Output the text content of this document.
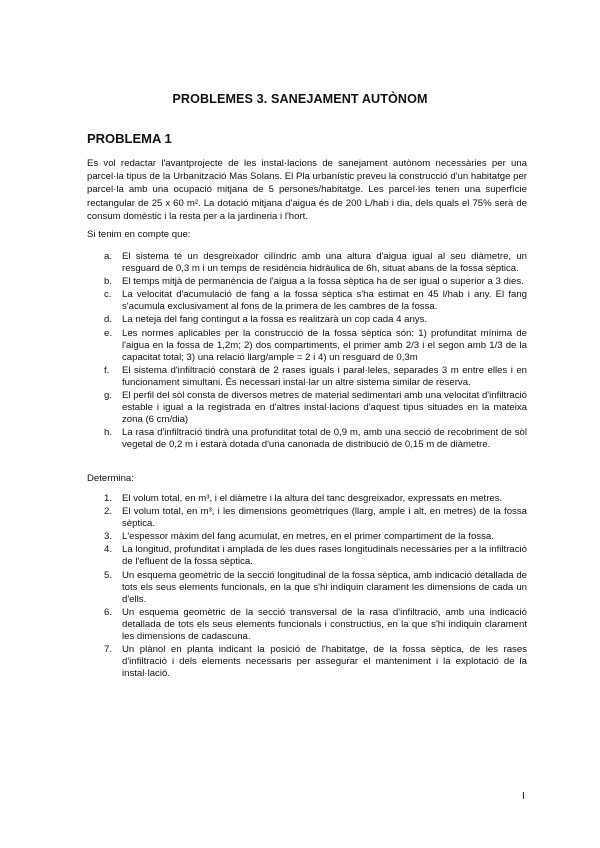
PROBLEMES 3. SANEJAMENT AUTÒNOM
PROBLEMA 1

Es vol redactar l'avantprojecte de les instal·lacions de sanejament autònom necessàries per una parcel·la tipus de la Urbanització Mas Solans. El Pla urbanístic preveu la construcció d'un habitatge per parcel·la amb una ocupació mitjana de 5 persones/habitatge. Les parcel·les tenen una superfície rectangular de 25 x 60 m². La dotació mitjana d'aigua és de 200 L/hab i dia, dels quals el 75% serà de consum domèstic i la resta per a la jardineria i l'hort.

Si tenim en compte que:

a. El sistema té un desgreixador cilíndric amb una altura d'aigua igual al seu diàmetre, un resguard de 0,3 m i un temps de residència hidràulica de 6h, situat abans de la fossa sèptica.
b. El temps mitjà de permanència de l'aigua a la fossa sèptica ha de ser igual o superior a 3 dies.
c. La velocitat d'acumulació de fang a la fossa sèptica s'ha estimat en 45 l/hab i any. El fang s'acumula exclusivament al fons de la primera de les cambres de la fossa.
d. La neteja del fang contingut a la fossa es realitzarà un cop cada 4 anys.
e. Les normes aplicables per la construcció de la fossa sèptica són: 1) profunditat mínima de l'aigua en la fossa de 1,2m; 2) dos compartiments, el primer amb 2/3 i el segon amb 1/3 de la capacitat total; 3) una relació llarg/ample = 2 i 4) un resguard de 0,3m
f. El sistema d'infiltració constarà de 2 rases iguals i paral·leles, separades 3 m entre elles i en funcionament simultani. És necessari instal·lar un altre sistema similar de reserva.
g. El perfil del sòl consta de diversos metres de material sedimentari amb una velocitat d'infiltració estable i igual a la registrada en d'altres instal·lacions d'aquest tipus situades en la mateixa zona (6 cm/dia)
h. La rasa d'infiltració tindrà una profunditat total de 0,9 m, amb una secció de recobriment de sòl vegetal de 0,2 m i estarà dotada d'una canonada de distribució de 0,15 m de diàmetre.

Determina:

1. El volum total, en m³, i el diàmetre i la altura del tanc desgreixador, expressats en metres.
2. El volum total, en m³, i les dimensions geomètriques (llarg, ample i alt, en metres) de la fossa sèptica.
3. L'espessor màxim del fang acumulat, en metres, en el primer compartiment de la fossa.
4. La longitud, profunditat i amplada de les dues rases longitudinals necessàries per a la infiltració de l'efluent de la fossa sèptica.
5. Un esquema geomètric de la secció longitudinal de la fossa sèptica, amb indicació detallada de tots els seus elements funcionals, en la que s'hi indiquin clarament les dimensions de cada un d'ells.
6. Un esquema geomètric de la secció transversal de la rasa d'infiltració, amb una indicació detallada de tots els seus elements funcionals i constructius, en la que s'hi indiquin clarament les dimensions de cadascuna.
7. Un plànol en planta indicant la posició de l'habitatge, de la fossa sèptica, de les rases d'infiltració i dels elements necessaris per assegurar el manteniment i la explotació de la instal·lació.
I
